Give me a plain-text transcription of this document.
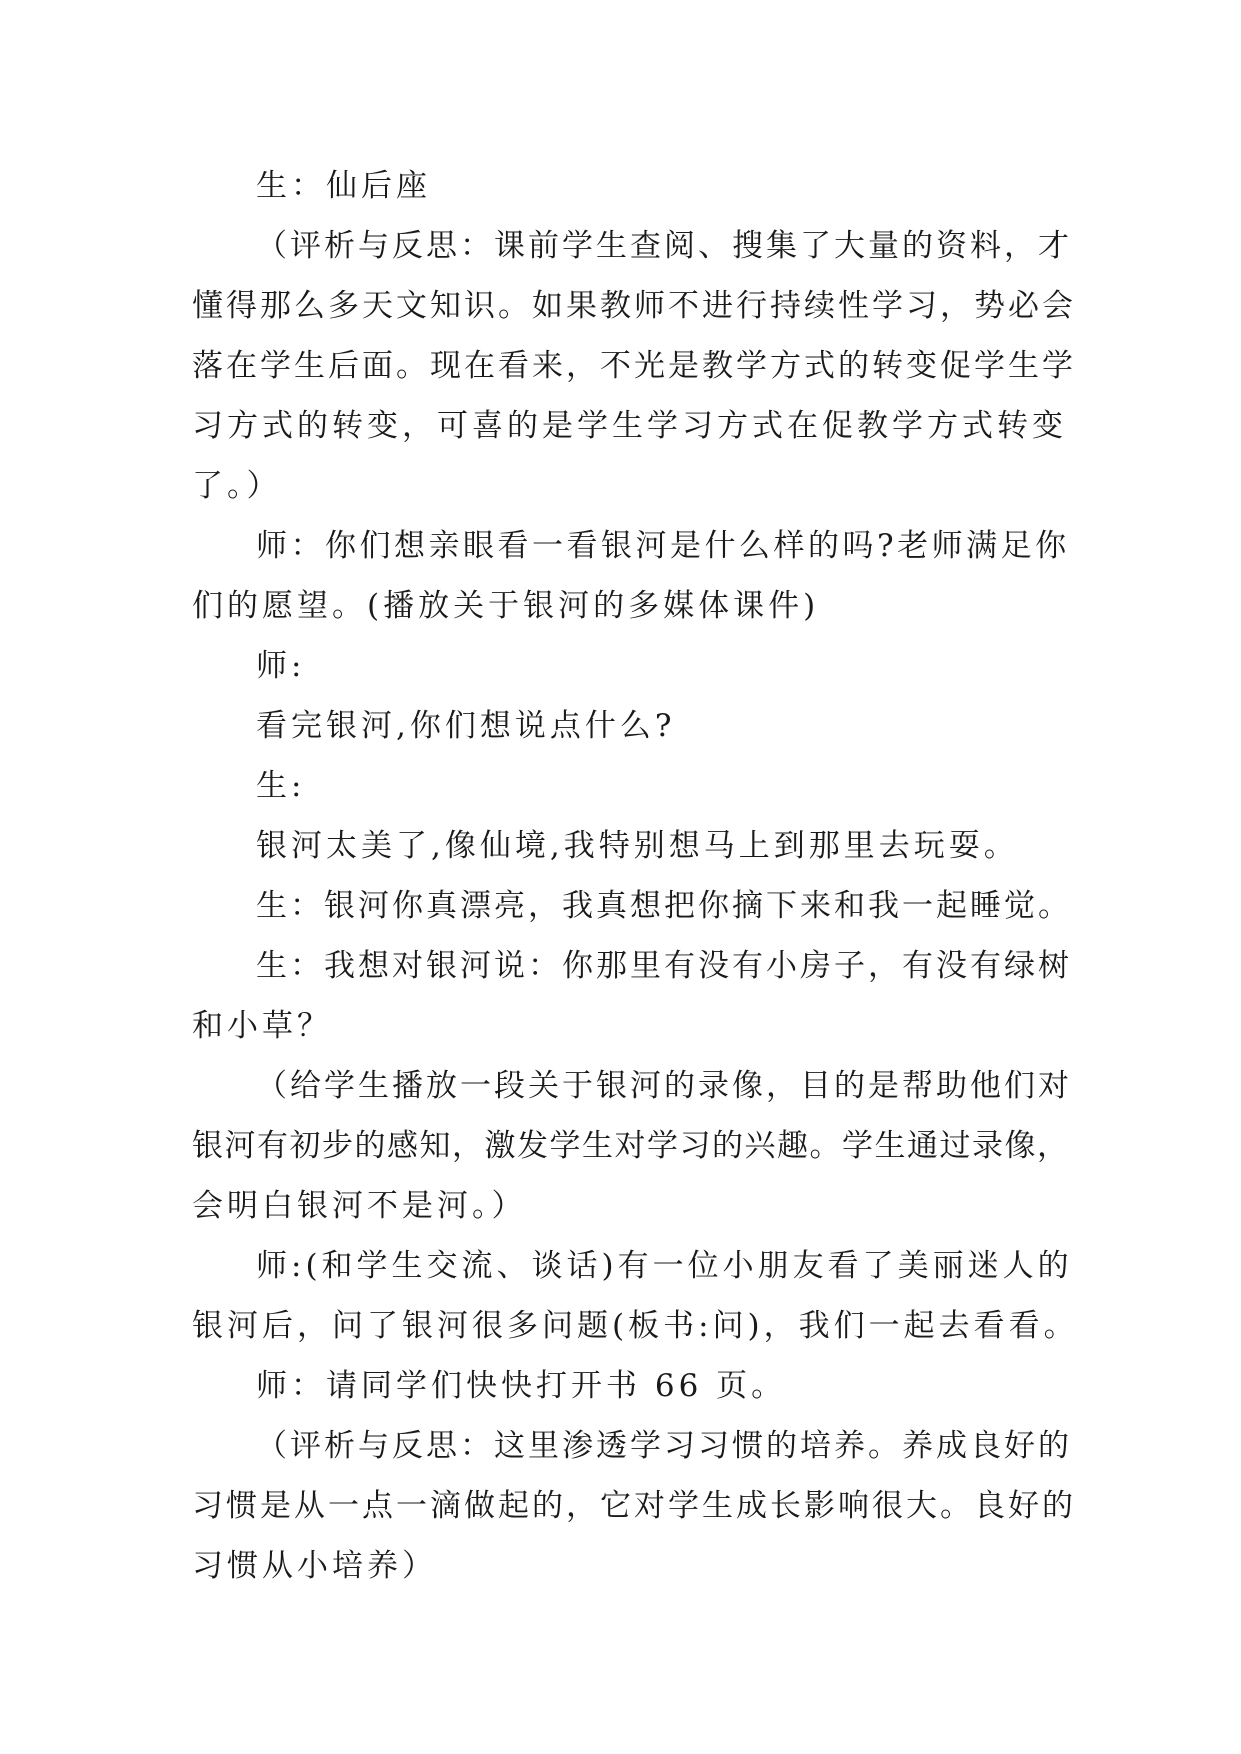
生：仙后座
（评析与反思：课前学生查阅、搜集了大量的资料，才
懂得那么多天文知识。如果教师不进行持续性学习，势必会
落在学生后面。现在看来，不光是教学方式的转变促学生学
习方式的转变，可喜的是学生学习方式在促教学方式转变
了。）
师：你们想亲眼看一看银河是什么样的吗?老师满足你
们的愿望。(播放关于银河的多媒体课件)
师:
看完银河,你们想说点什么?
生:
银河太美了,像仙境,我特别想马上到那里去玩耍。
生：银河你真漂亮，我真想把你摘下来和我一起睡觉。
生：我想对银河说：你那里有没有小房子，有没有绿树
和小草？
（给学生播放一段关于银河的录像，目的是帮助他们对
银河有初步的感知，激发学生对学习的兴趣。学生通过录像，
会明白银河不是河。）
师:(和学生交流、谈话)有一位小朋友看了美丽迷人的
银河后，问了银河很多问题(板书:问)，我们一起去看看。
师：请同学们快快打开书 66 页。
（评析与反思：这里渗透学习习惯的培养。养成良好的
习惯是从一点一滴做起的，它对学生成长影响很大。良好的
习惯从小培养）
